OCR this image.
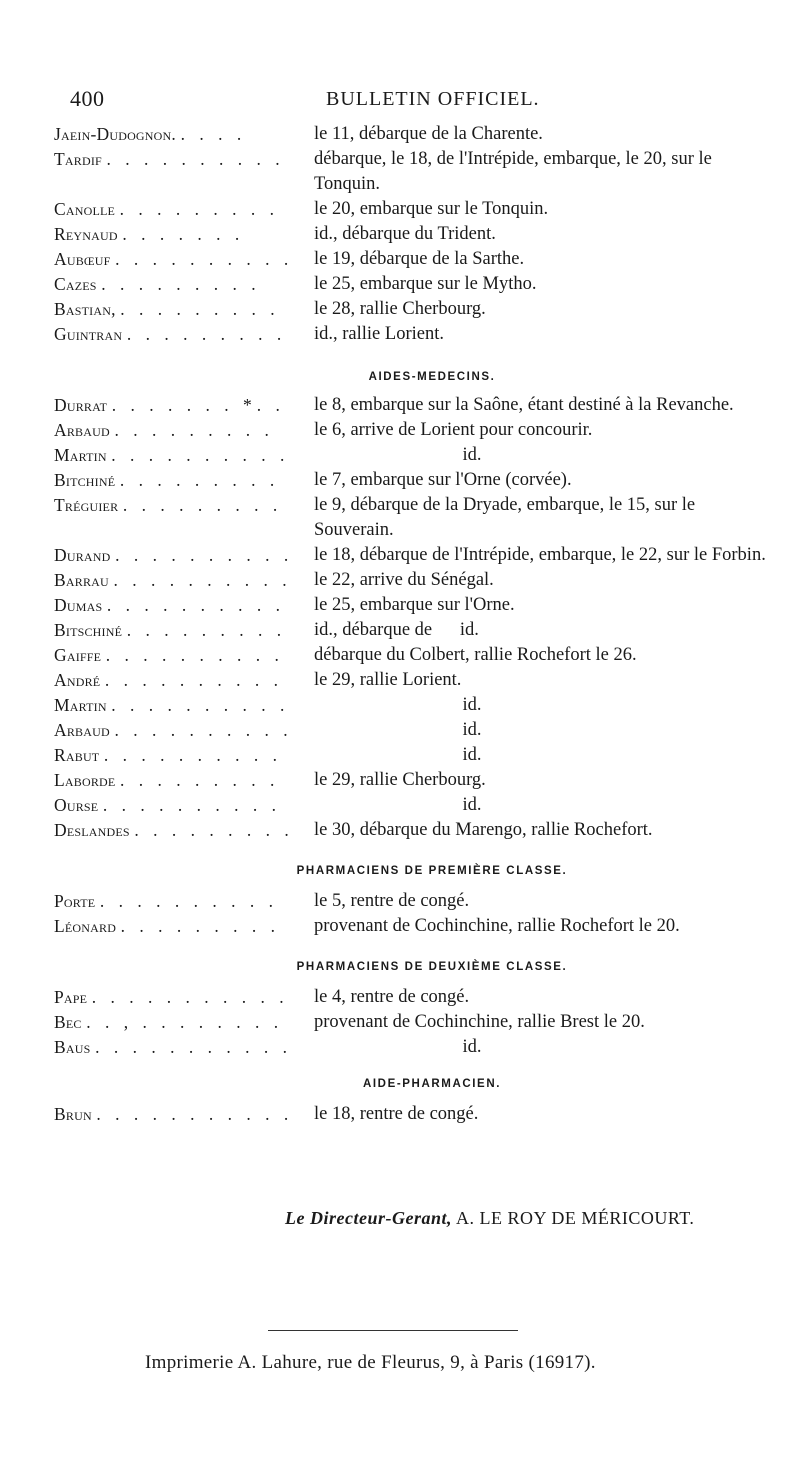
400	BULLETIN OFFICIEL.
Jaein-Dudognon. . . . .	le 11, débarque de la Charente.
Tardif . . . . . . . . . .	débarque, le 18, de l'Intrépide, embarque, le 20, sur le Tonquin.
Canolle . . . . . . . . .	le 20, embarque sur le Tonquin.
Reynaud . . . . . . .	id., débarque du Trident.
Aubœuf . . . . . . . . . .	le 19, débarque de la Sarthe.
Cazes . . . . . . . . .	le 25, embarque sur le Mytho.
Bastian, . . . . . . . . .	le 28, rallie Cherbourg.
Guintran . . . . . . . . .	id., rallie Lorient.
AIDES-MEDECINS.
Durrat . . . . . . . *. .	le 8, embarque sur la Saône, étant destiné à la Revanche.
Arbaud . . . . . . . . .	le 6, arrive de Lorient pour concourir.
Martin . . . . . . . . . .	id.
Bitchiné . . . . . . . . .	le 7, embarque sur l'Orne (corvée).
Tréguier . . . . . . . . .	le 9, débarque de la Dryade, embarque, le 15, sur le Souverain.
Durand . . . . . . . . . .	le 18, débarque de l'Intrépide, embarque, le 22, sur le Forbin.
Barrau . . . . . . . . . .	le 22, arrive du Sénégal.
Dumas . . . . . . . . . .	le 25, embarque sur l'Orne.
Bitschiné . . . . . . . . .	id., débarque de      id.
Gaiffe . . . . . . . . . .	débarque du Colbert, rallie Rochefort le 26.
André . . . . . . . . . .	le 29, rallie Lorient.
Martin . . . . . . . . . .	id.
Arbaud . . . . . . . . . .	id.
Rabut . . . . . . . . . .	id.
Laborde . . . . . . . . .	le 29, rallie Cherbourg.
Ourse . . . . . . . . . .	id.
Deslandes . . . . . . . . .	le 30, débarque du Marengo, rallie Rochefort.
PHARMACIENS DE PREMIÈRE CLASSE.
Porte . . . . . . . . . .	le 5, rentre de congé.
Léonard . . . . . . . . .	provenant de Cochinchine, rallie Rochefort le 20.
PHARMACIENS DE DEUXIÈME CLASSE.
Pape . . . . . . . . . . .	le 4, rentre de congé.
Bec . . , . . . . . . . .	provenant de Cochinchine, rallie Brest le 20.
Baus . . . . . . . . . . .	id.
AIDE-PHARMACIEN.
Brun . . . . . . . . . . .	le 18, rentre de congé.
Le Directeur-Gerant, A. LE ROY DE MÉRICOURT.
Imprimerie A. Lahure, rue de Fleurus, 9, à Paris (16917).
